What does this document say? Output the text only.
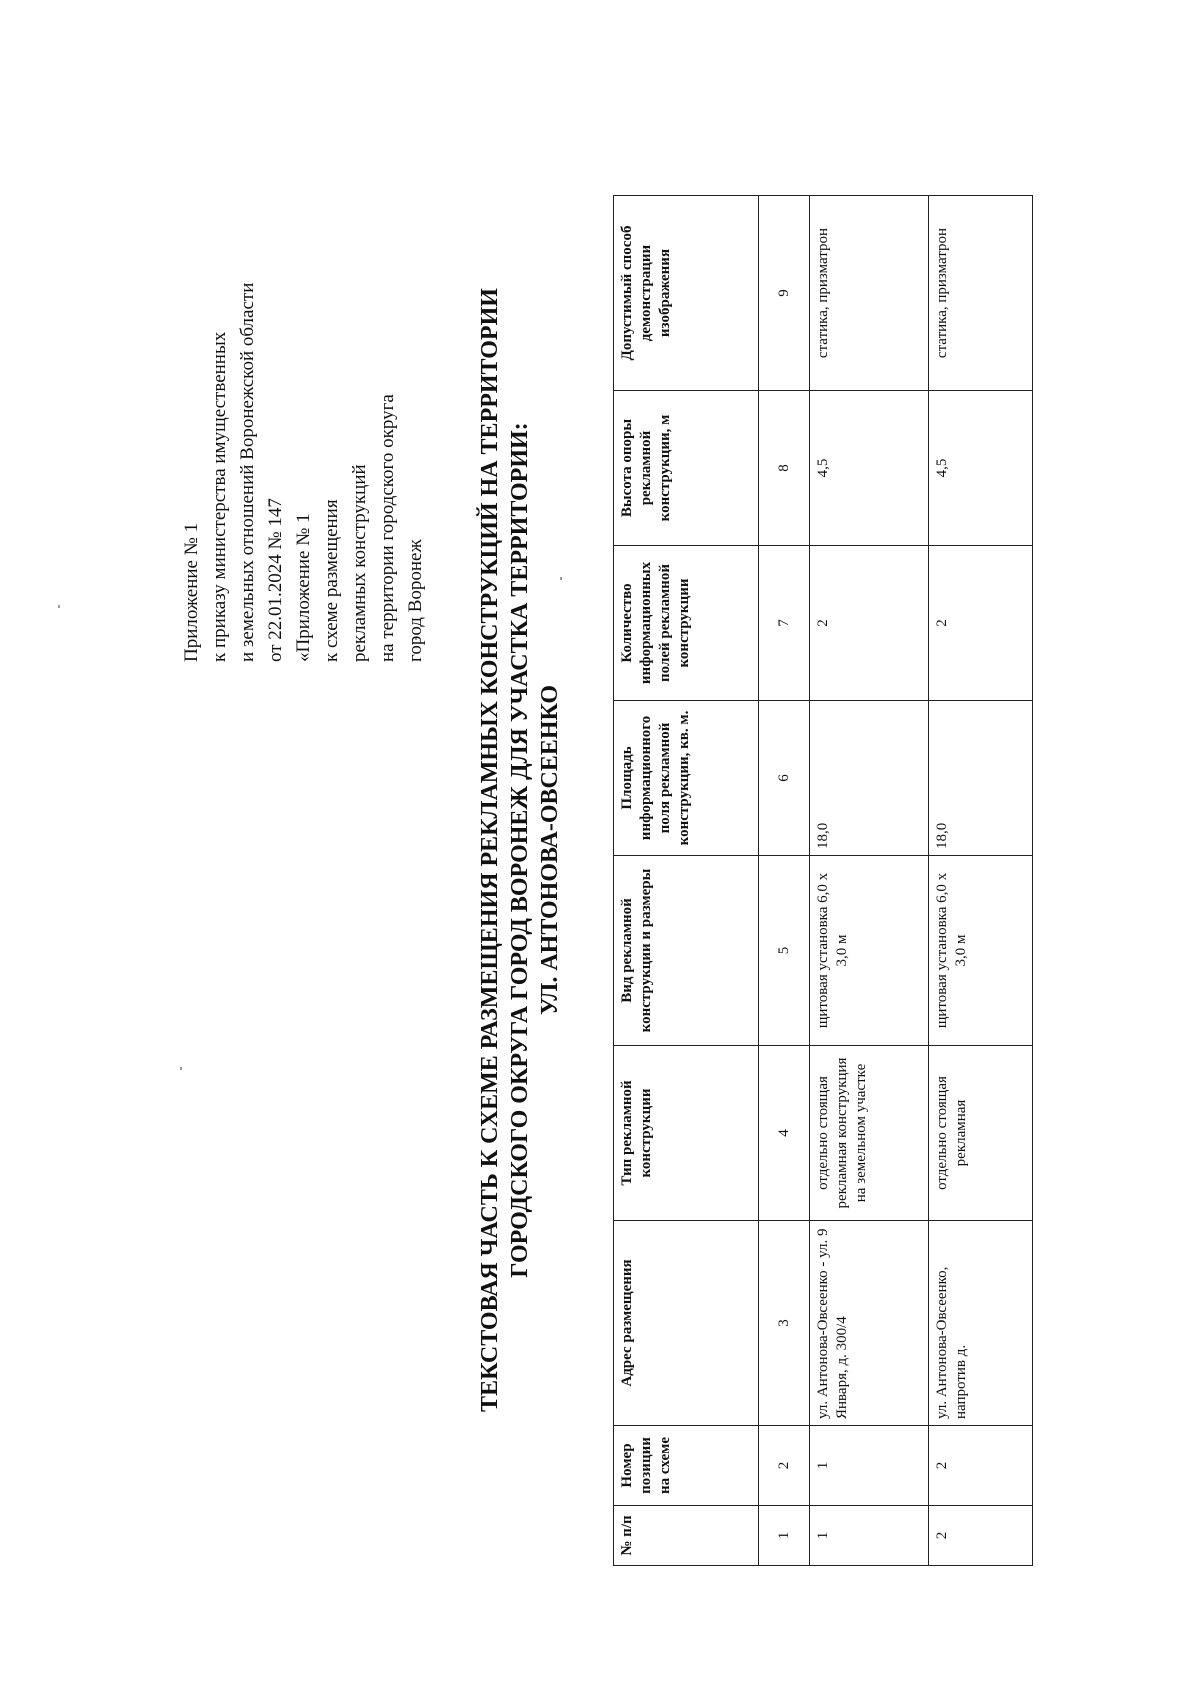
Приложение № 1 к приказу министерства имущественных и земельных отношений Воронежской области от 22.01.2024 № 147 «Приложение № 1 к схеме размещения рекламных конструкций на территории городского округа город Воронеж ТЕКСТОВАЯ ЧАСТЬ К СХЕМЕ РАЗМЕЩЕНИЯ РЕКЛАМНЫХ КОНСТРУКЦИЙ НА ТЕРРИТОРИИ ГОРОДСКОГО ОКРУГА ГОРОД ВОРОНЕЖ ДЛЯ УЧАСТКА ТЕРРИТОРИИ: УЛ. АНТОНОВА-ОВСЕЕНКО
№ п/п	Номер позиции на схеме	Адрес размещения	Тип рекламной конструкции	Вид рекламной конструкции и размеры	Площадь информационного поля рекламной конструкции, кв. м.	Количество информационных полей рекламной конструкции	Высота опоры рекламной конструкции, м	Допустимый способ демонстрации изображения
1	2	3	4	5	6	7	8	9
1	1	ул. Антонова-Овсеенко - ул. 9 Января, д. 300/4	отдельно стоящая рекламная конструкция на земельном участке	щитовая установка 6,0 х 3,0 м	18,0	2	4,5	статика, призматрон
2	2	ул. Антонова-Овсеенко, напротив д.	отдельно стоящая рекламная	щитовая установка 6,0 х 3,0 м	18,0	2	4,5	статика, призматрон
